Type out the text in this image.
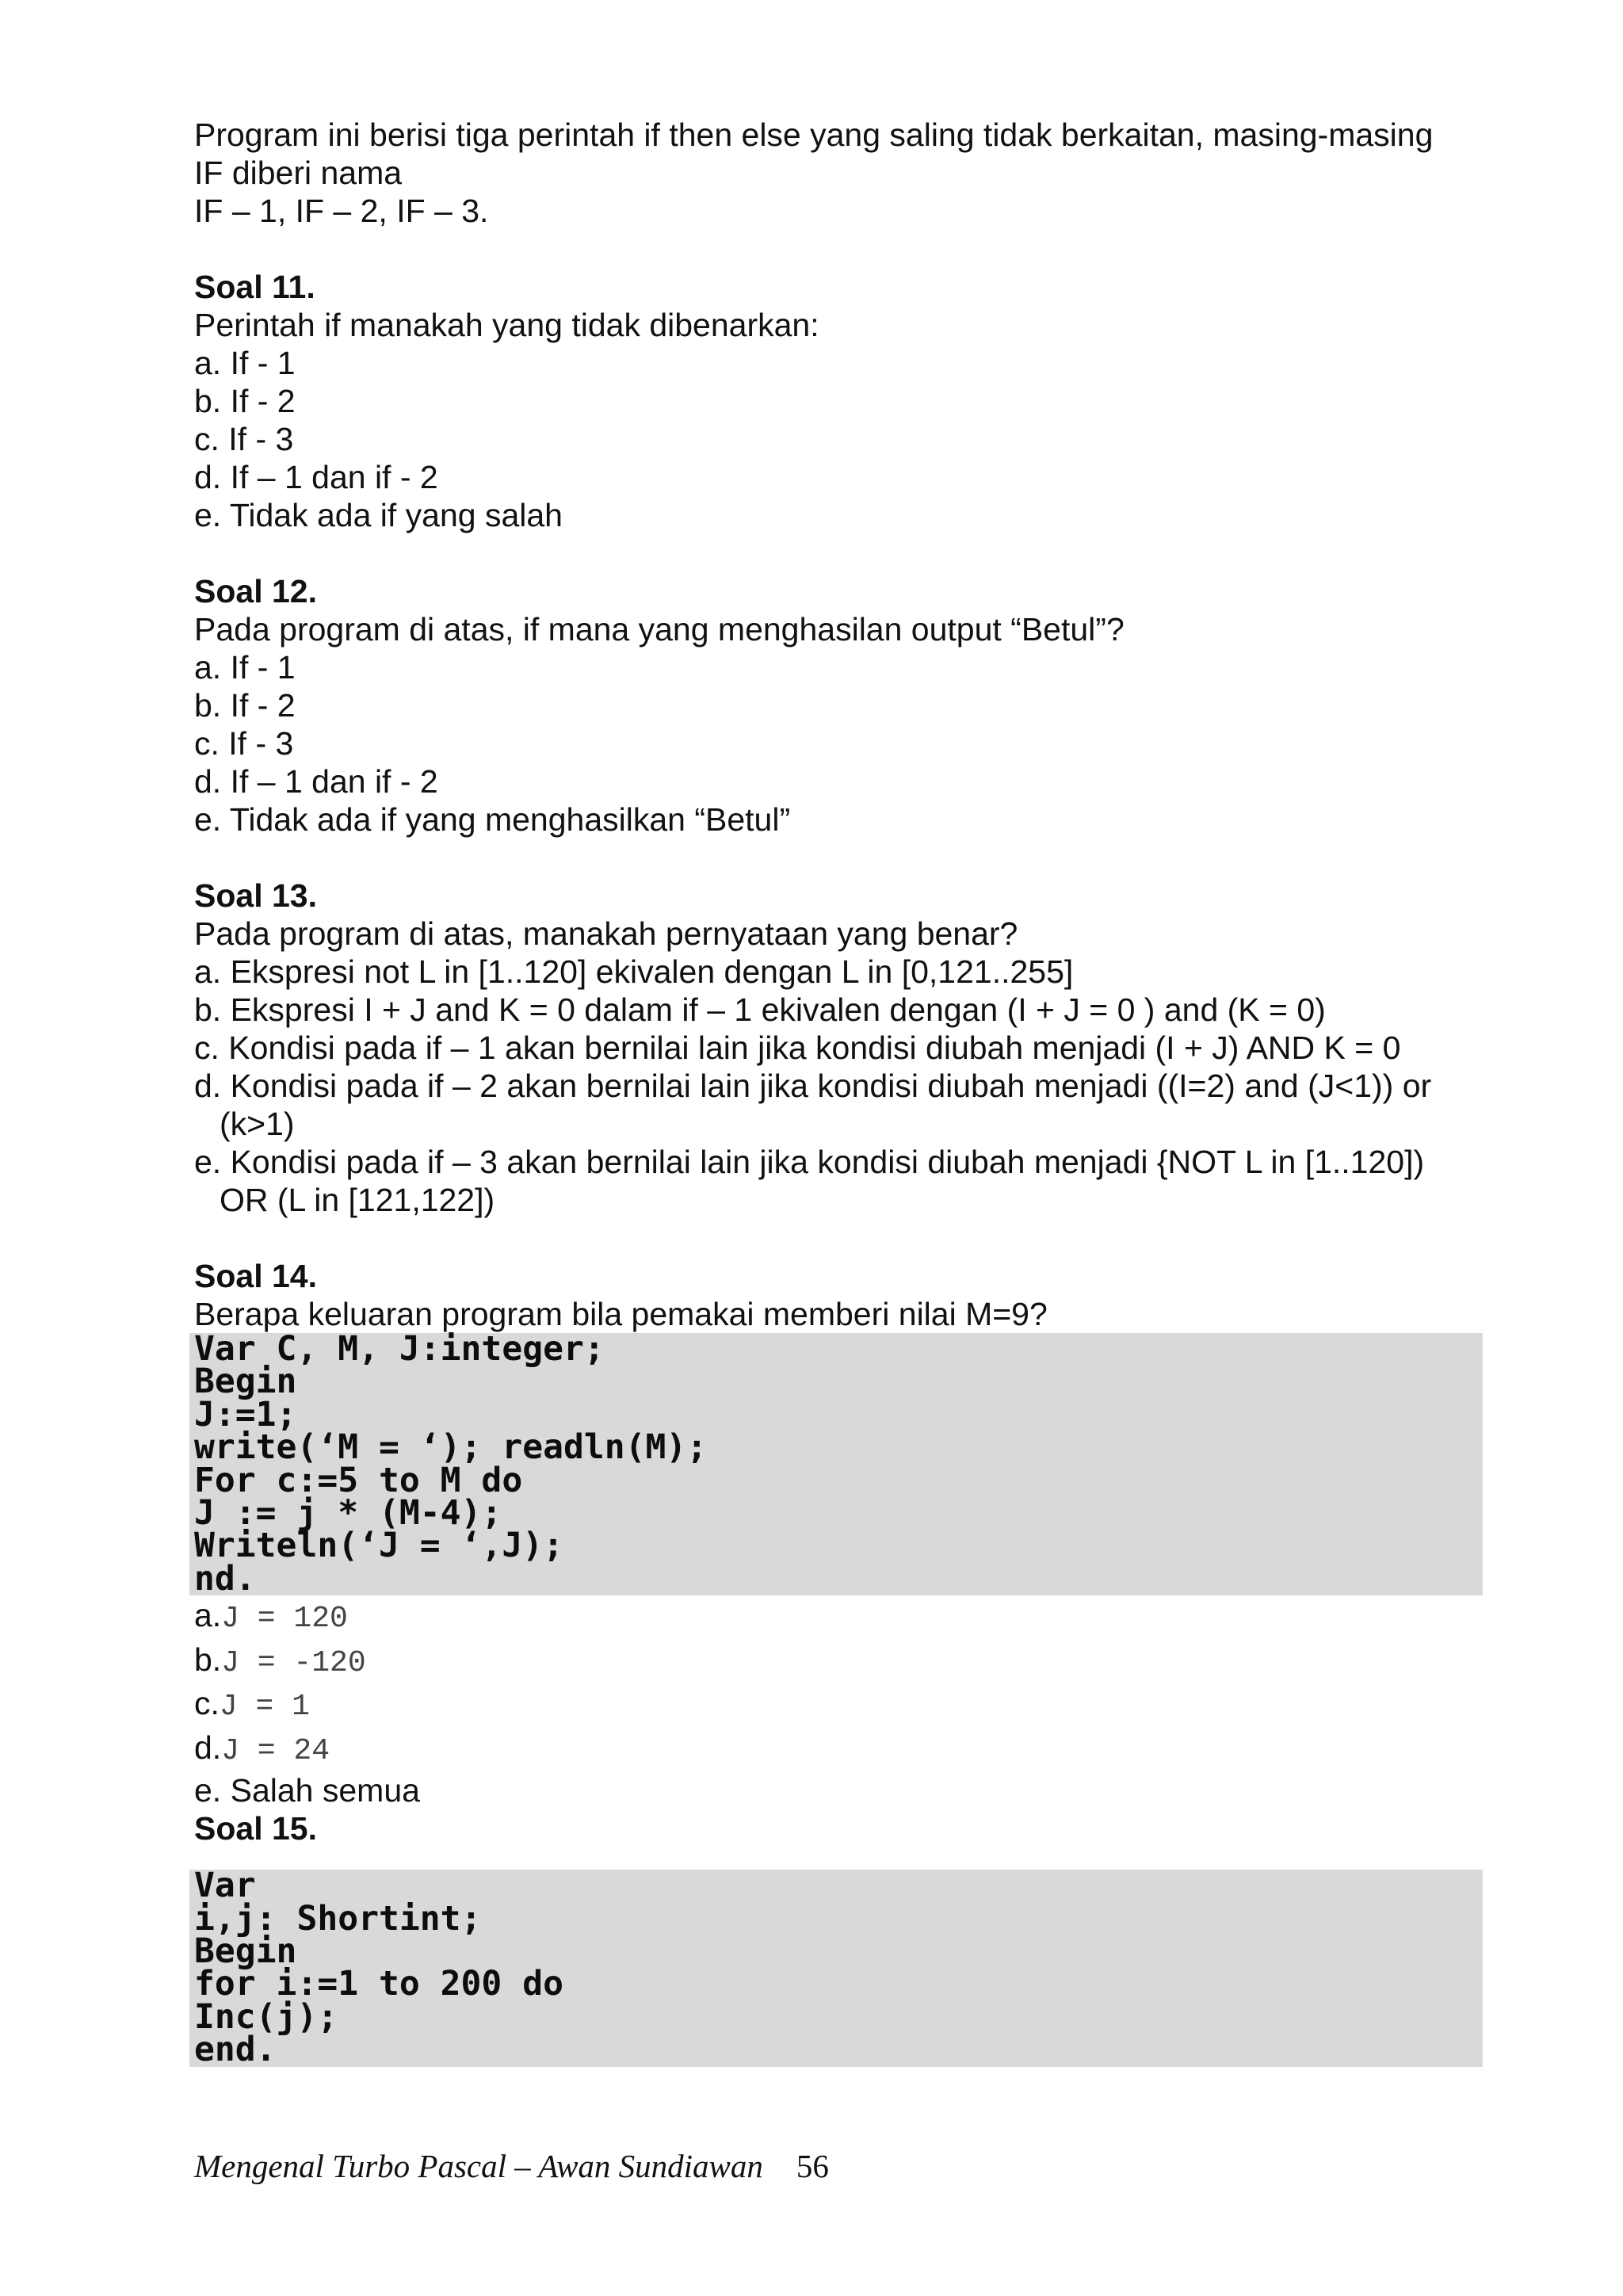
Program ini berisi tiga perintah if then else yang saling tidak berkaitan, masing-masing
IF diberi nama
IF – 1, IF – 2, IF – 3.
Soal 11.
Perintah if manakah yang tidak dibenarkan:
a. If - 1
b. If - 2
c. If - 3
d. If – 1 dan if - 2
e. Tidak ada if yang salah
Soal 12.
Pada program di atas, if mana yang menghasilan output “Betul”?
a. If - 1
b. If - 2
c. If - 3
d. If – 1 dan if - 2
e. Tidak ada if yang menghasilkan “Betul”
Soal 13.
Pada program di atas, manakah pernyataan yang benar?
a. Ekspresi not L in [1..120] ekivalen dengan L in [0,121..255]
b. Ekspresi I + J and K = 0 dalam if – 1 ekivalen dengan (I + J = 0 ) and (K = 0)
c. Kondisi pada if – 1 akan bernilai lain jika kondisi diubah menjadi (I + J) AND K = 0
d. Kondisi pada if – 2 akan bernilai lain jika kondisi diubah menjadi ((I=2) and (J<1)) or
(k>1)
e. Kondisi pada if – 3 akan bernilai lain jika kondisi diubah menjadi {NOT L in [1..120])
OR (L in [121,122])
Soal 14.
Berapa keluaran program bila pemakai memberi nilai M=9?
Var C, M, J:integer;
Begin
J:=1;
write(‘M = ‘); readln(M);
For c:=5 to M do
J := j * (M-4);
Writeln(‘J = ‘,J);
nd.
a.J = 120
b.J = -120
c.J = 1
d.J = 24
e. Salah semua
Soal 15.
Var
i,j: Shortint;
Begin
for i:=1 to 200 do
Inc(j);
end.
Mengenal Turbo Pascal – Awan Sundiawan 56
